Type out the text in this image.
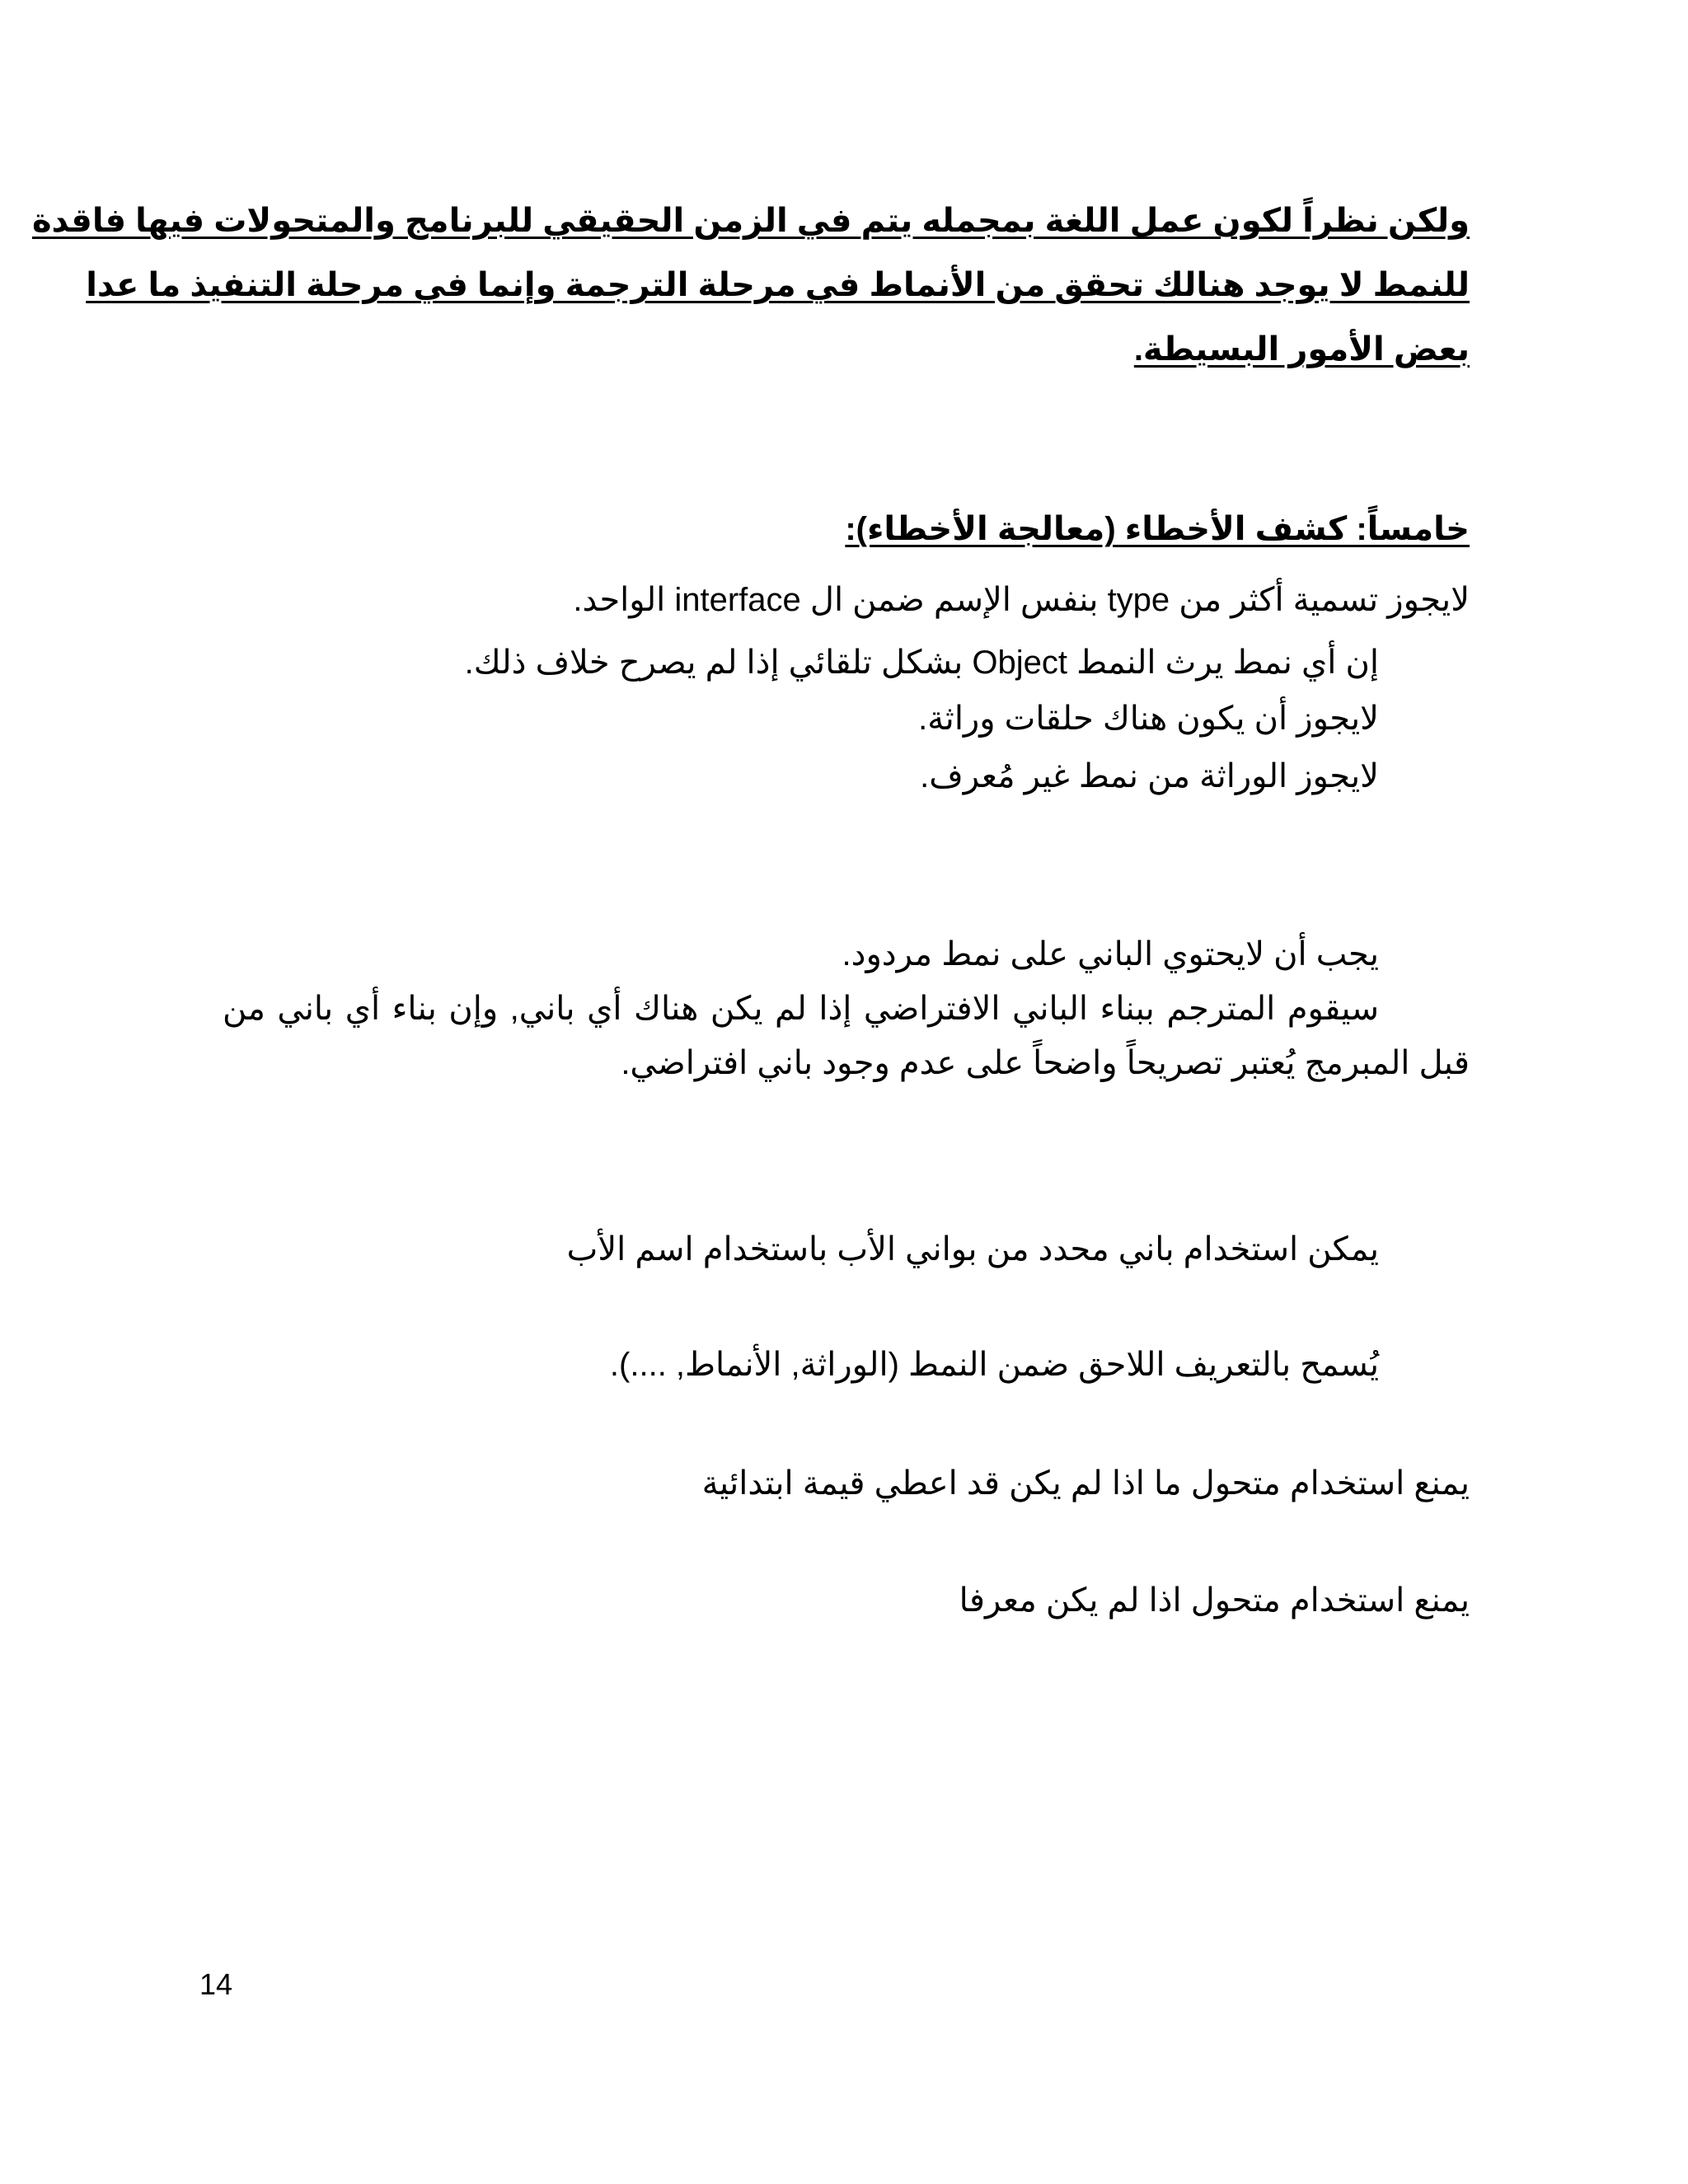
ولكن نظراً لكون عمل اللغة بمجمله يتم في الزمن الحقيقي للبرنامج والمتحولات فيها فاقدة
للنمط لا يوجد هنالك تحقق من الأنماط في مرحلة الترجمة وإنما في مرحلة التنفيذ ما عدا
بعض الأمور البسيطة.
خامساً: كشف الأخطاء (معالجة الأخطاء):
لايجوز تسمية أكثر من type بنفس الإسم ضمن ال interface الواحد.
إن أي نمط يرث النمط Object بشكل تلقائي إذا لم يصرح خلاف ذلك.
لايجوز أن يكون هناك حلقات وراثة.
لايجوز الوراثة من نمط غير مُعرف.
يجب أن لايحتوي الباني على نمط مردود.
سيقوم المترجم ببناء الباني الافتراضي إذا لم يكن هناك أي باني, وإن بناء أي باني من
قبل المبرمج يُعتبر تصريحاً واضحاً على عدم وجود باني افتراضي.
يمكن استخدام باني محدد من بواني الأب باستخدام اسم الأب
يُسمح بالتعريف اللاحق ضمن النمط (الوراثة, الأنماط, ....).
يمنع استخدام متحول ما اذا لم يكن قد اعطي قيمة ابتدائية
يمنع استخدام متحول اذا لم يكن معرفا
14
